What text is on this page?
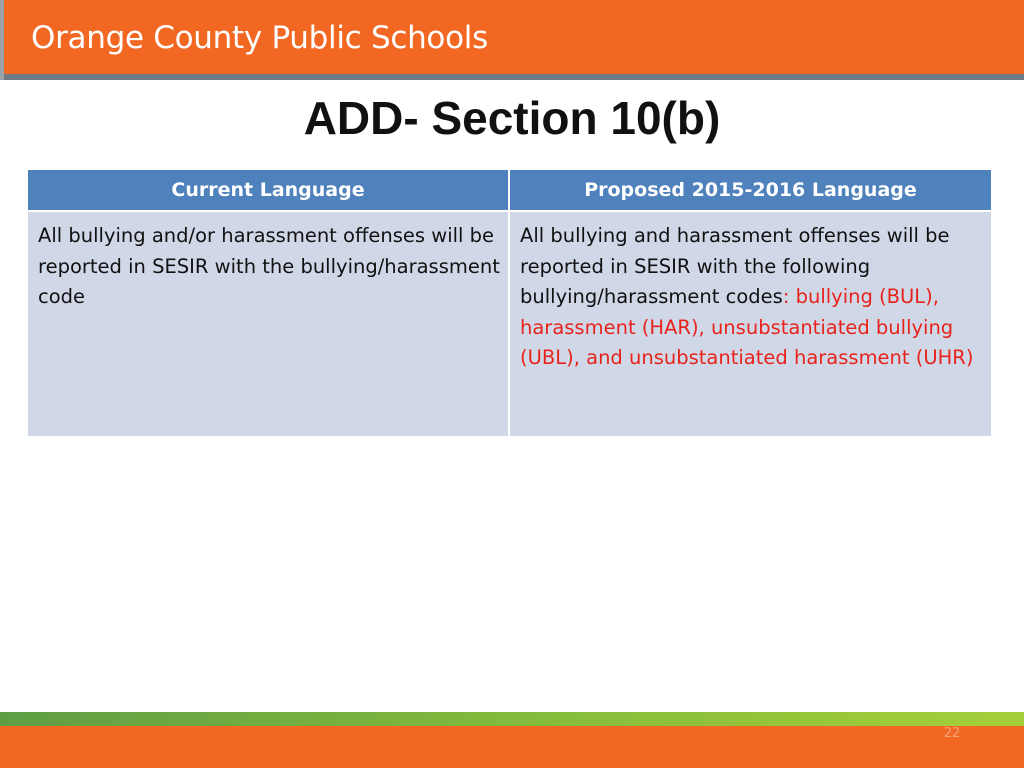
Orange County Public Schools
ADD- Section 10(b)
Current Language	Proposed 2015-2016 Language
All bullying and/or harassment offenses will be reported in SESIR with the bullying/harassment code	All bullying and harassment offenses will be reported in SESIR with the following bullying/harassment codes: bullying (BUL), harassment (HAR), unsubstantiated bullying (UBL), and unsubstantiated harassment (UHR)
22
